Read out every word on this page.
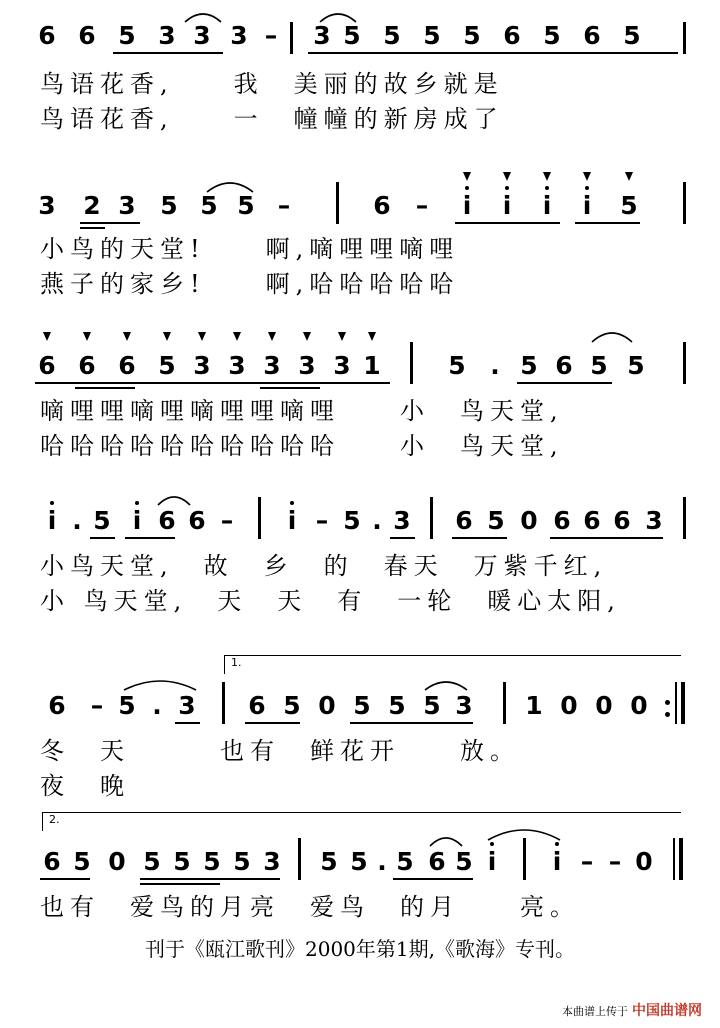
6 6 5 3 3 3 – 3 5 5 5 5 6 5 6 5
鸟语花香,　　我　美丽的故乡就是
鸟语花香,　　一　幢幢的新房成了
3 2 3 5 5 5 –	6 – i i i i 5
小鸟的天堂!　　啊,嘀哩哩嘀哩
燕子的家乡!　　啊,哈哈哈哈哈
6 6 6 5 3 3 3 3 3 1	5 . 5 6 5 5
嘀哩哩嘀哩嘀哩哩嘀哩　　小　鸟天堂,
哈哈哈哈哈哈哈哈哈哈　　小　鸟天堂,
i . 5 i 6 6 – i – 5 . 3 6 5 0 6 6 6 3
小鸟天堂,　故　乡　的　春天　万紫千红,
小 鸟天堂,　天　天　有　一轮　暖心太阳,
1.
6 – 5 . 3 6 5 0 5 5 5 3 1 0 0 0
冬　天　　　也有　鲜花开　　放。
夜　晚
2.
6 5 0 5 5 5 5 3 5 5 . 5 6 5 i i – – 0
也有　爱鸟的月亮　爱鸟　的月　　亮。
刊于《瓯江歌刊》2000年第1期,《歌海》专刊。
本曲谱上传于 中国曲谱网
